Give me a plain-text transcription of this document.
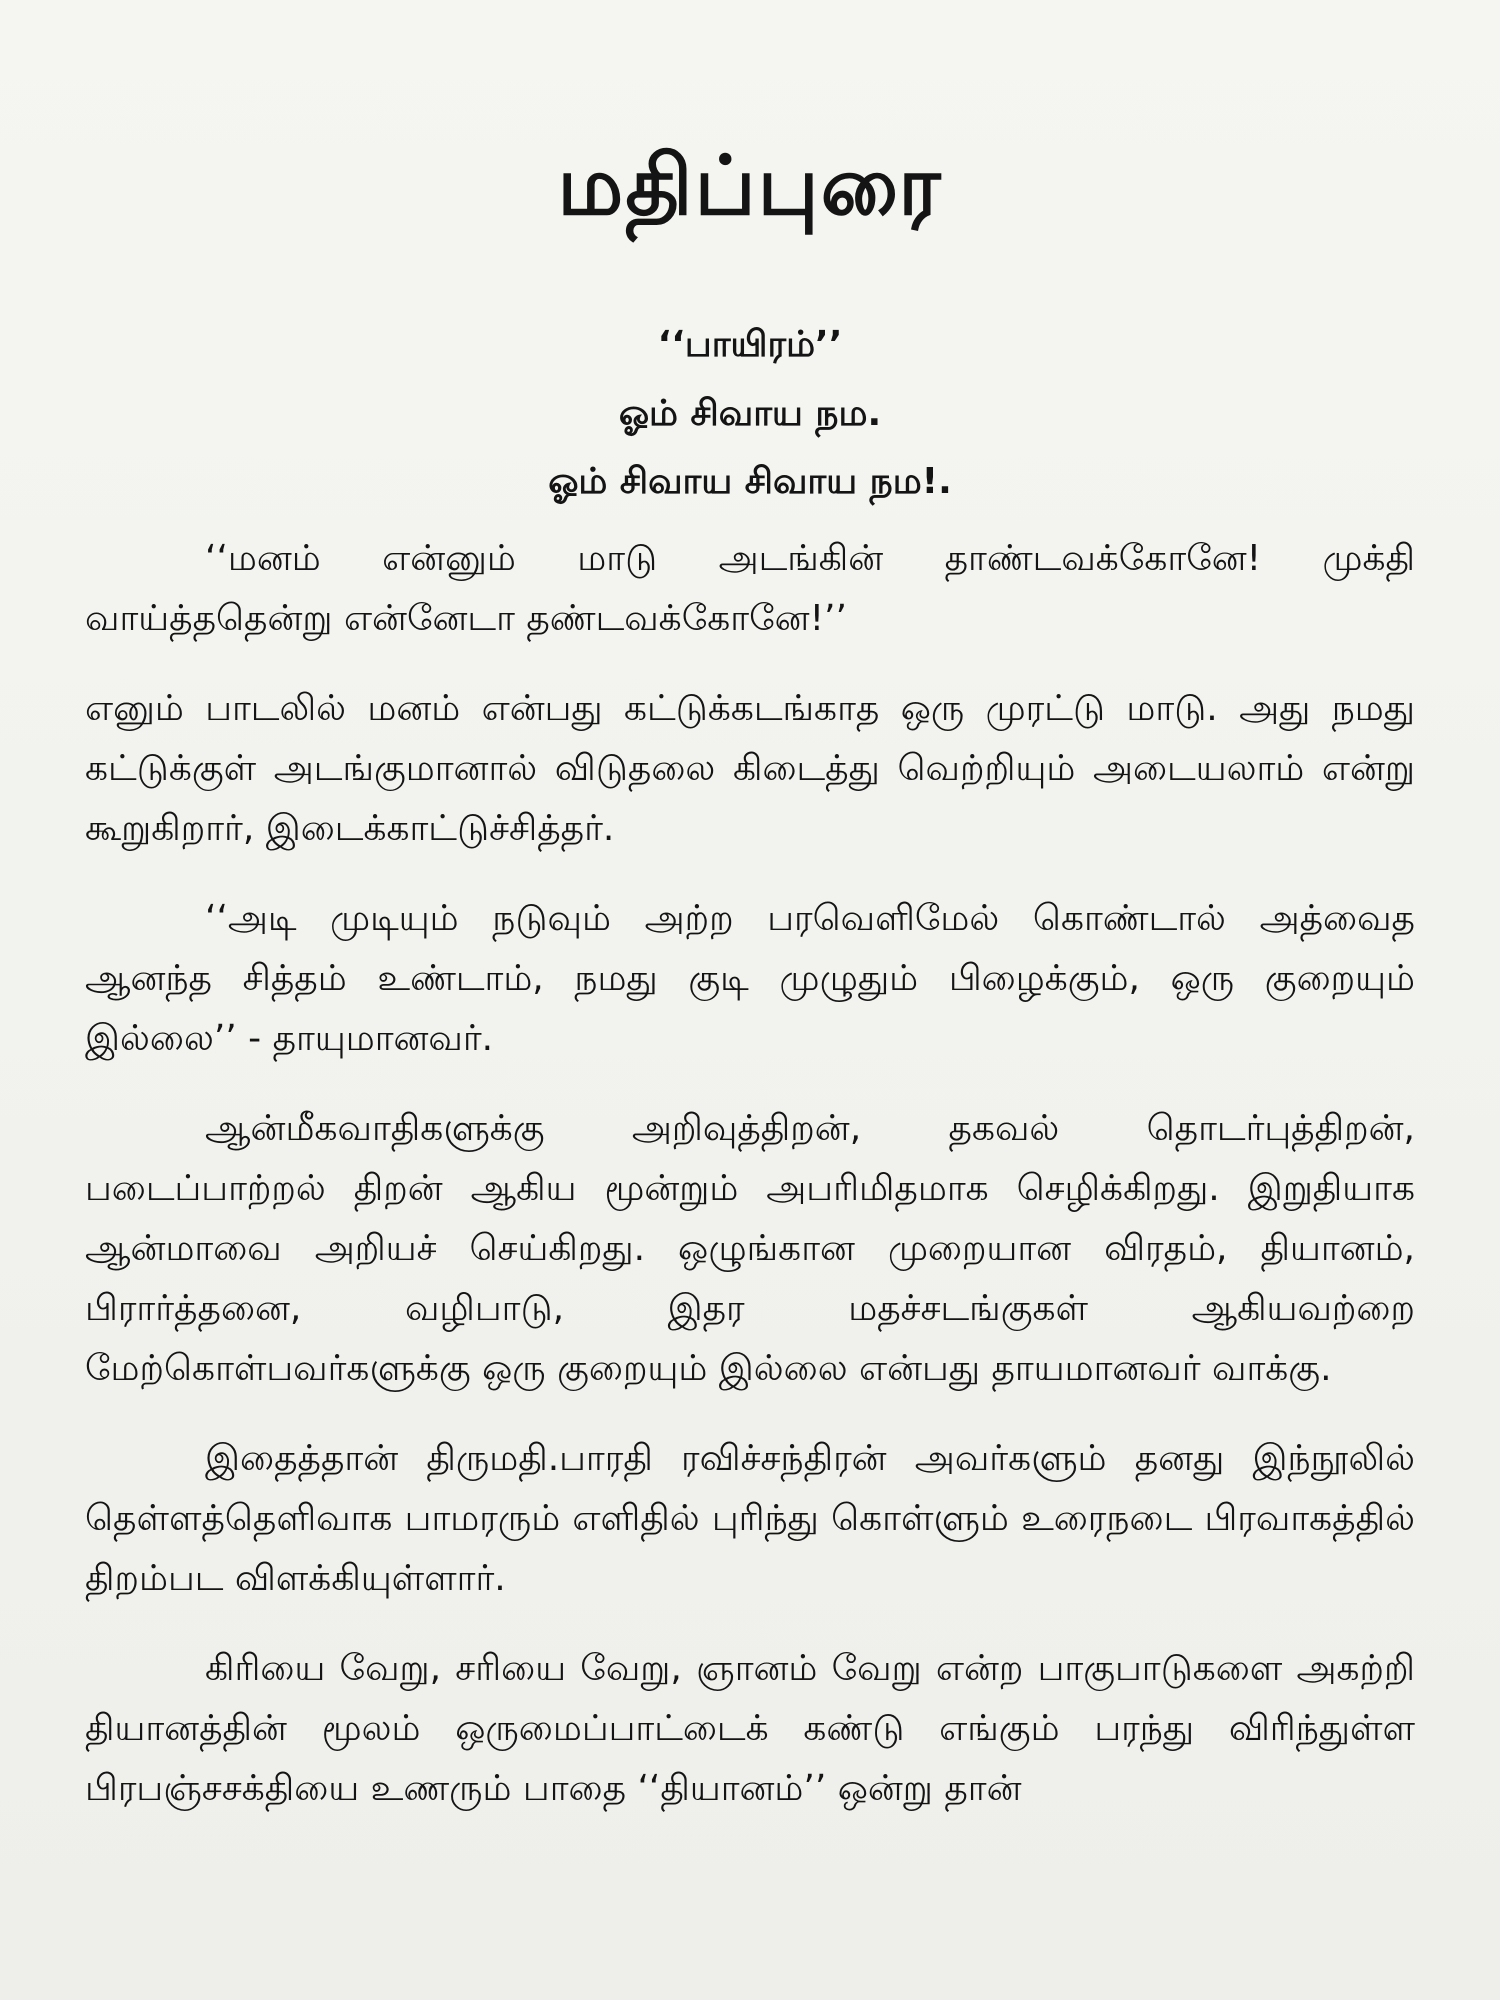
மதிப்புரை
‘‘பாயிரம்’’
ஓம் சிவாய நம.
ஓம் சிவாய சிவாய நம!.

‘‘மனம் என்னும் மாடு அடங்கின் தாண்டவக்கோனே! முக்தி வாய்த்ததென்று என்னேடா தண்டவக்கோனே!’’

எனும் பாடலில் மனம் என்பது கட்டுக்கடங்காத ஒரு முரட்டு மாடு. அது நமது கட்டுக்குள் அடங்குமானால் விடுதலை கிடைத்து வெற்றியும் அடையலாம் என்று கூறுகிறார், இடைக்காட்டுச்சித்தர்.

‘‘அடி முடியும் நடுவும் அற்ற பரவெளிமேல் கொண்டால் அத்வைத ஆனந்த சித்தம் உண்டாம், நமது குடி முழுதும் பிழைக்கும், ஒரு குறையும் இல்லை’’ - தாயுமானவர்.

ஆன்மீகவாதிகளுக்கு அறிவுத்திறன், தகவல் தொடர்புத்திறன், படைப்பாற்றல் திறன் ஆகிய மூன்றும் அபரிமிதமாக செழிக்கிறது. இறுதியாக ஆன்மாவை அறியச் செய்கிறது. ஒழுங்கான முறையான விரதம், தியானம், பிரார்த்தனை, வழிபாடு, இதர மதச்சடங்குகள் ஆகியவற்றை மேற்கொள்பவர்களுக்கு ஒரு குறையும் இல்லை என்பது தாயமானவர் வாக்கு.

இதைத்தான் திருமதி.பாரதி ரவிச்சந்திரன் அவர்களும் தனது இந்நூலில் தெள்ளத்தெளிவாக பாமரரும் எளிதில் புரிந்து கொள்ளும் உரைநடை பிரவாகத்தில் திறம்பட விளக்கியுள்ளார்.

கிரியை வேறு, சரியை வேறு, ஞானம் வேறு என்ற பாகுபாடுகளை அகற்றி தியானத்தின் மூலம் ஒருமைப்பாட்டைக் கண்டு எங்கும் பரந்து விரிந்துள்ள பிரபஞ்சசக்தியை உணரும் பாதை ‘‘தியானம்’’ ஒன்று தான்
